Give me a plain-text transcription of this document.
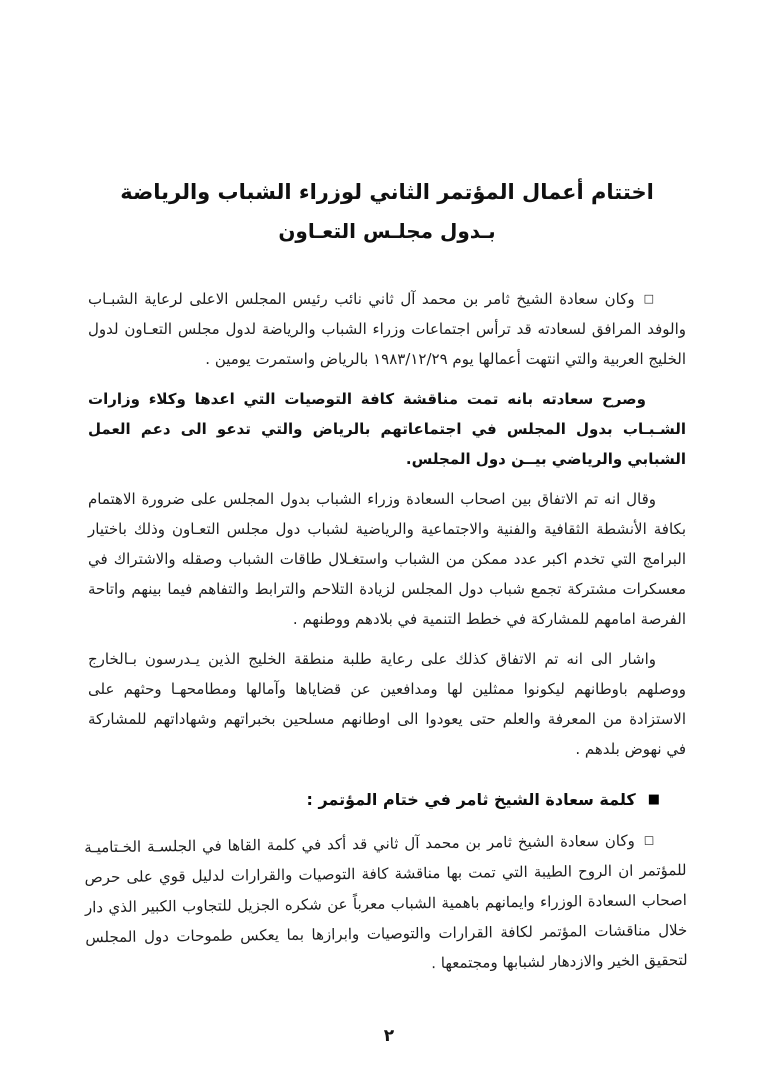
اختتام أعمال المؤتمر الثاني لوزراء الشباب والرياضة
بـدول مجلـس التعـاون

□وكان سعادة الشيخ ثامر بن محمد آل ثاني نائب رئيس المجلس الاعلى لرعاية الشبـاب والوفد المرافق لسعادته قد ترأس اجتماعات وزراء الشباب والرياضة لدول مجلس التعـاون لدول الخليج العربية والتي انتهت أعمالها يوم ١٩٨٣/١٢/٢٩ بالرياض واستمرت يومين .

وصرح سعادته بانه تمت مناقشة كافة التوصيات التي اعدها وكلاء وزارات الشـبـاب بدول المجلس في اجتماعاتهم بالرياض والتي تدعو الى دعم العمل الشبابي والرياضي بيــن دول المجلس.

وقال انه تم الاتفاق بين اصحاب السعادة وزراء الشباب بدول المجلس على ضرورة الاهتمام بكافة الأنشطة الثقافية والفنية والاجتماعية والرياضية لشباب دول مجلس التعـاون وذلك باختيار البرامج التي تخدم اكبر عدد ممكن من الشباب واستغـلال طاقات الشباب وصقله والاشتراك في معسكرات مشتركة تجمع شباب دول المجلس لزيادة التلاحم والترابط والتفاهم فيما بينهم واتاحة الفرصة امامهم للمشاركة في خطط التنمية في بلادهم ووطنهم .

واشار الى انه تم الاتفاق كذلك على رعاية طلبة منطقة الخليج الذين يـدرسون بـالخارج ووصلهم باوطانهم ليكونوا ممثلين لها ومدافعين عن قضاياها وآمالها ومطامحهـا وحثهم على الاستزادة من المعرفة والعلم حتى يعودوا الى اوطانهم مسلحين بخبراتهم وشهاداتهم للمشاركة في نهوض بلدهم .

■
كلمة سعادة الشيخ ثامر في ختام المؤتمر :

□وكان سعادة الشيخ ثامر بن محمد آل ثاني قد أكد في كلمة القاها في الجلسـة الخـتاميـة للمؤتمر ان الروح الطيبة التي تمت بها مناقشة كافة التوصيات والقرارات لدليل قوي على حرص اصحاب السعادة الوزراء وايمانهم باهمية الشباب معرباً عن شكره الجزيل للتجاوب الكبير الذي دار خلال مناقشات المؤتمر لكافة القرارات والتوصيات وابرازها بما يعكس طموحات دول المجلس لتحقيق الخير والازدهار لشبابها ومجتمعها .

٢
